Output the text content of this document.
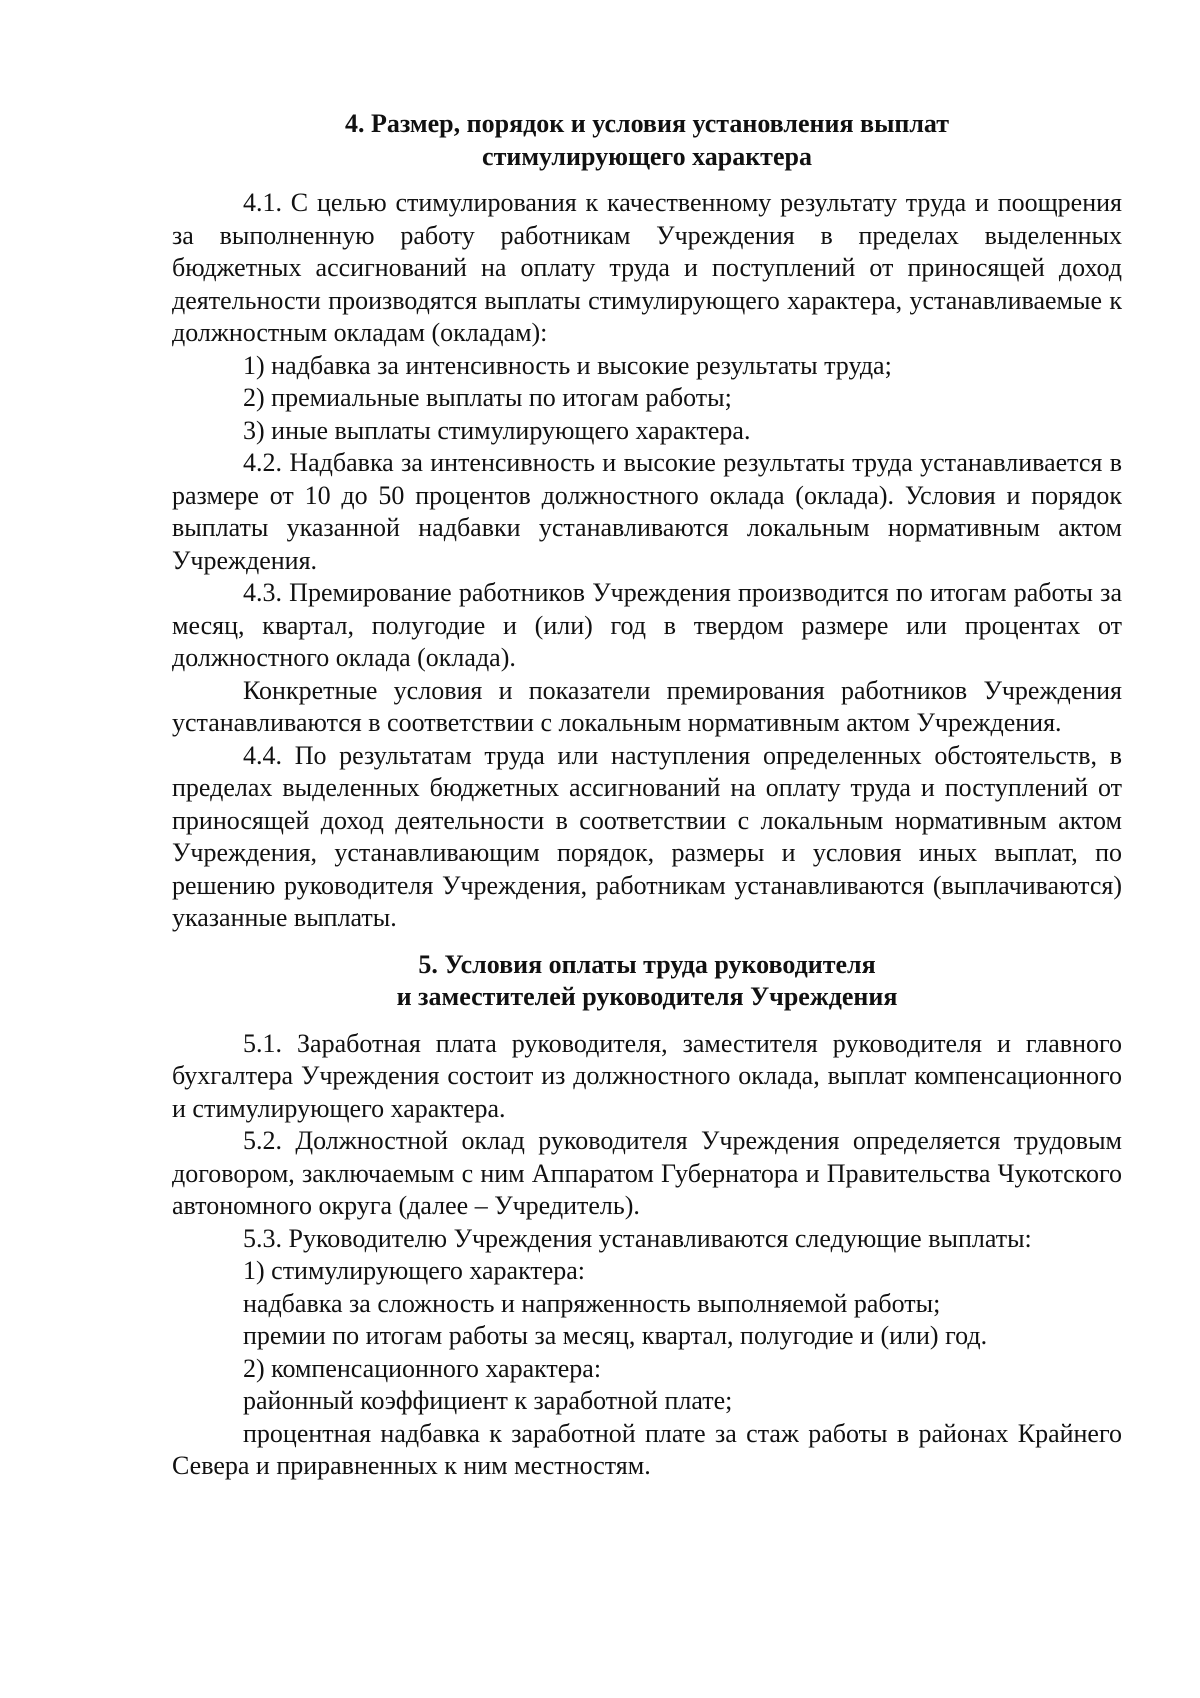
4. Размер, порядок и условия установления выплат
стимулирующего характера

4.1. С целью стимулирования к качественному результату труда и поощрения за выполненную работу работникам Учреждения в пределах выделенных бюджетных ассигнований на оплату труда и поступлений от приносящей доход деятельности производятся выплаты стимулирующего характера, устанавливаемые к должностным окладам (окладам):

1) надбавка за интенсивность и высокие результаты труда;

2) премиальные выплаты по итогам работы;

3) иные выплаты стимулирующего характера.

4.2. Надбавка за интенсивность и высокие результаты труда устанавливается в размере от 10 до 50 процентов должностного оклада (оклада). Условия и порядок выплаты указанной надбавки устанавливаются локальным нормативным актом Учреждения.

4.3. Премирование работников Учреждения производится по итогам работы за месяц, квартал, полугодие и (или) год в твердом размере или процентах от должностного оклада (оклада).

Конкретные условия и показатели премирования работников Учреждения устанавливаются в соответствии с локальным нормативным актом Учреждения.

4.4. По результатам труда или наступления определенных обстоятельств, в пределах выделенных бюджетных ассигнований на оплату труда и поступлений от приносящей доход деятельности в соответствии с локальным нормативным актом Учреждения, устанавливающим порядок, размеры и условия иных выплат, по решению руководителя Учреждения, работникам устанавливаются (выплачиваются) указанные выплаты.

5. Условия оплаты труда руководителя
и заместителей руководителя Учреждения

5.1. Заработная плата руководителя, заместителя руководителя и главного бухгалтера Учреждения состоит из должностного оклада, выплат компенсационного и стимулирующего характера.

5.2. Должностной оклад руководителя Учреждения определяется трудовым договором, заключаемым с ним Аппаратом Губернатора и Правительства Чукотского автономного округа (далее – Учредитель).

5.3. Руководителю Учреждения устанавливаются следующие выплаты:

1) стимулирующего характера:

надбавка за сложность и напряженность выполняемой работы;

премии по итогам работы за месяц, квартал, полугодие и (или) год.

2) компенсационного характера:

районный коэффициент к заработной плате;

процентная надбавка к заработной плате за стаж работы в районах Крайнего Севера и приравненных к ним местностям.
